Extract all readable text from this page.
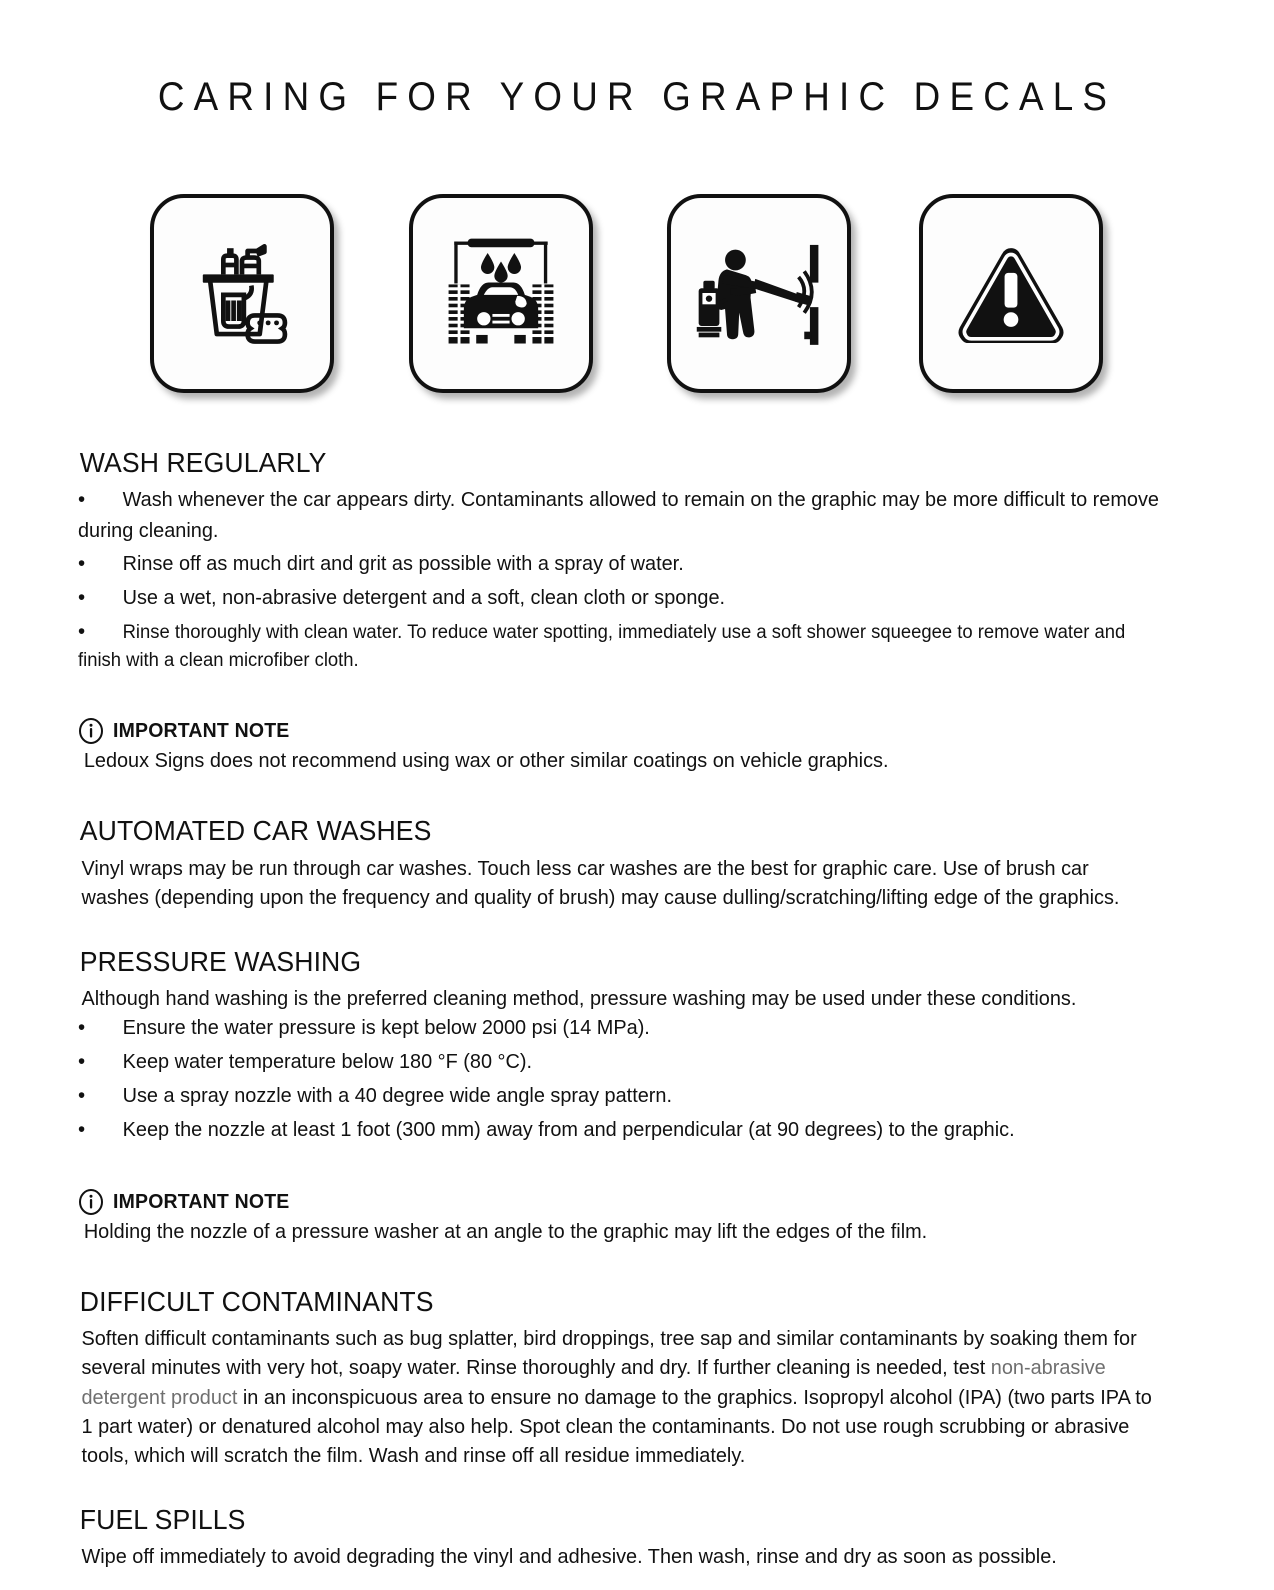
CARING FOR YOUR GRAPHIC DECALS
WASH REGULARLY
•Wash whenever the car appears dirty. Contaminants allowed to remain on the graphic may be more difficult to remove during cleaning.
•Rinse off as much dirt and grit as possible with a spray of water.
•Use a wet, non-abrasive detergent and a soft, clean cloth or sponge.
•Rinse thoroughly with clean water. To reduce water spotting, immediately use a soft shower squeegee to remove water and finish with a clean microfiber cloth.
IMPORTANT NOTE
Ledoux Signs does not recommend using wax or other similar coatings on vehicle graphics.
AUTOMATED CAR WASHES

Vinyl wraps may be run through car washes. Touch less car washes are the best for graphic care. Use of brush car washes (depending upon the frequency and quality of brush) may cause dulling/scratching/lifting edge of the graphics.

PRESSURE WASHING

Although hand washing is the preferred cleaning method, pressure washing may be used under these conditions.

•Ensure the water pressure is kept below 2000 psi (14 MPa).
•Keep water temperature below 180 °F (80 °C).
•Use a spray nozzle with a 40 degree wide angle spray pattern.
•Keep the nozzle at least 1 foot (300 mm) away from and perpendicular (at 90 degrees) to the graphic.
IMPORTANT NOTE
Holding the nozzle of a pressure washer at an angle to the graphic may lift the edges of the film.
DIFFICULT CONTAMINANTS

Soften difficult contaminants such as bug splatter, bird droppings, tree sap and similar contaminants by soaking them for several minutes with very hot, soapy water. Rinse thoroughly and dry. If further cleaning is needed, test non-abrasive detergent product in an inconspicuous area to ensure no damage to the graphics. Isopropyl alcohol (IPA) (two parts IPA to 1 part water) or denatured alcohol may also help. Spot clean the contaminants. Do not use rough scrubbing or abrasive tools, which will scratch the film. Wash and rinse off all residue immediately.

FUEL SPILLS

Wipe off immediately to avoid degrading the vinyl and adhesive. Then wash, rinse and dry as soon as possible.
